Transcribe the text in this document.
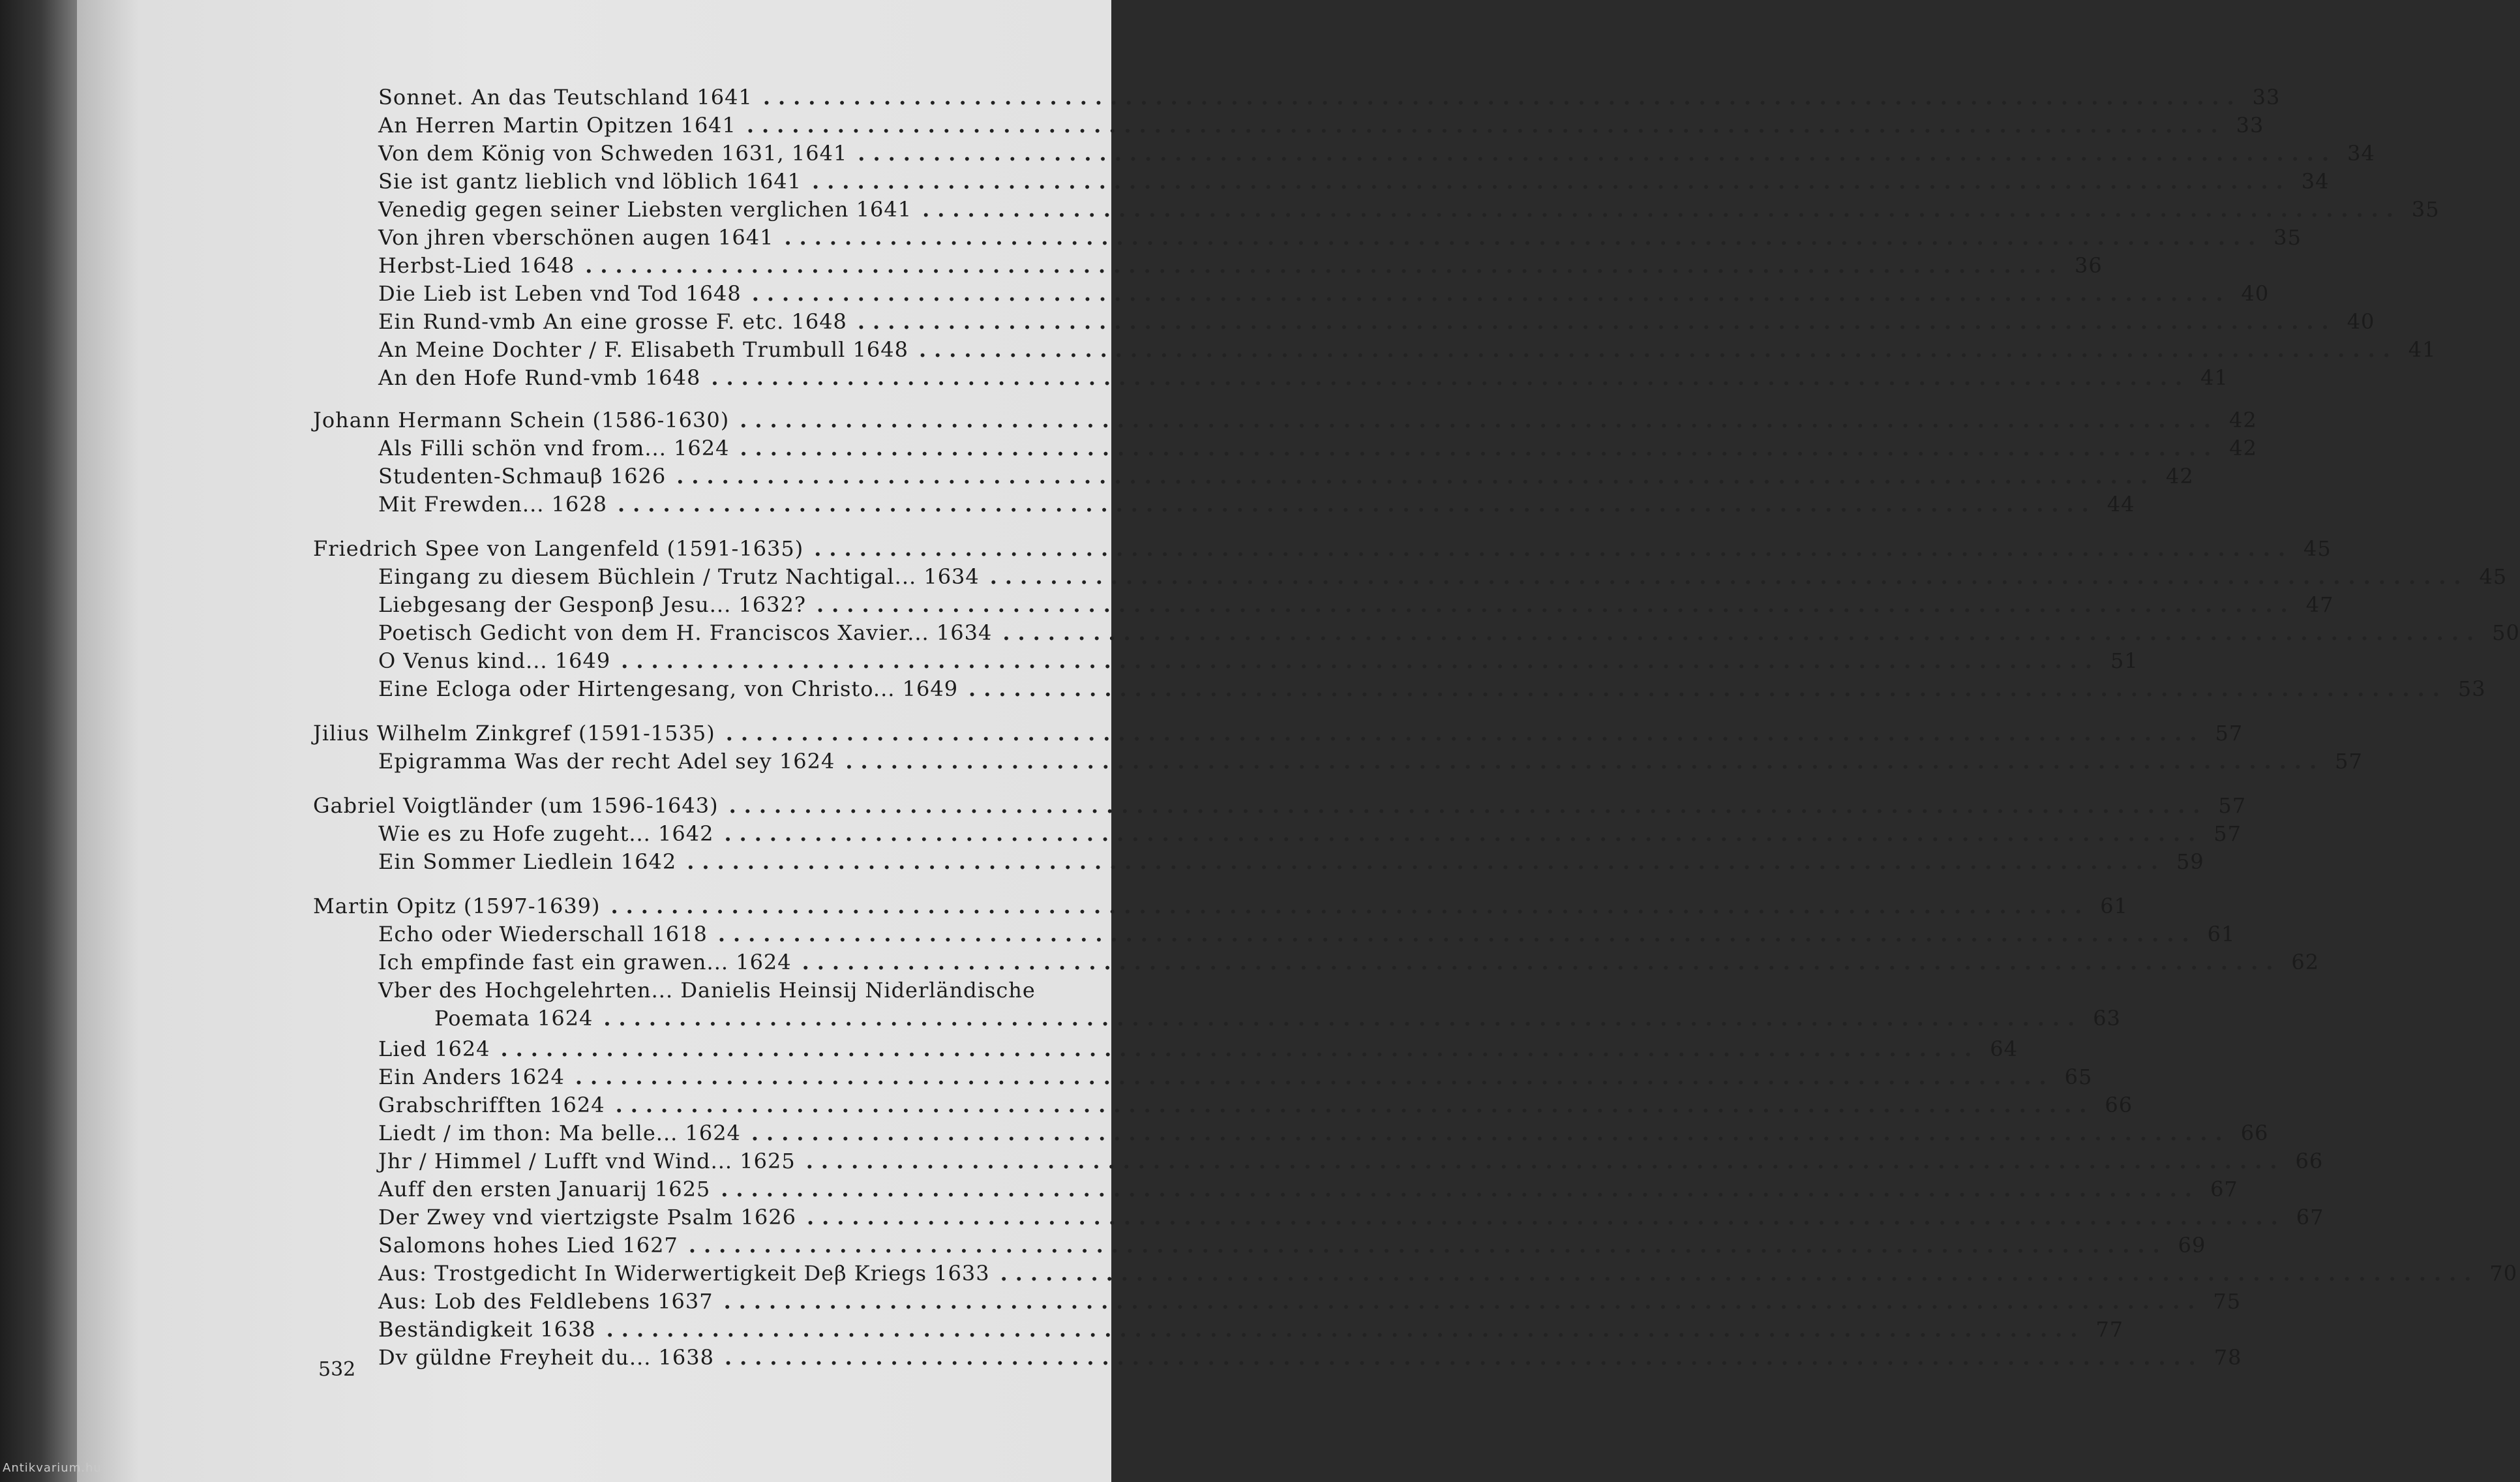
Sonnet. An das Teutschland 1641 .................................................................................................. 33
An Herren Martin Opitzen 1641 .................................................................................................. 33
Von dem König von Schweden 1631, 1641 .................................................................................................. 34
Sie ist gantz lieblich vnd löblich 1641 .................................................................................................. 34
Venedig gegen seiner Liebsten verglichen 1641 .................................................................................................. 35
Von jhren vberschönen augen 1641 .................................................................................................. 35
Herbst-Lied 1648 .................................................................................................. 36
Die Lieb ist Leben vnd Tod 1648 .................................................................................................. 40
Ein Rund-vmb An eine grosse F. etc. 1648 .................................................................................................. 40
An Meine Dochter / F. Elisabeth Trumbull 1648 .................................................................................................. 41
An den Hofe Rund-vmb 1648 .................................................................................................. 41
Johann Hermann Schein (1586-1630) .................................................................................................. 42
Als Filli schön vnd from... 1624 .................................................................................................. 42
Studenten-Schmauβ 1626 .................................................................................................. 42
Mit Frewden... 1628 .................................................................................................. 44
Friedrich Spee von Langenfeld (1591-1635) .................................................................................................. 45
Eingang zu diesem Büchlein / Trutz Nachtigal... 1634 .................................................................................................. 45
Liebgesang der Gesponβ Jesu... 1632? .................................................................................................. 47
Poetisch Gedicht von dem H. Franciscos Xavier... 1634 .................................................................................................. 50
O Venus kind... 1649 .................................................................................................. 51
Eine Ecloga oder Hirtengesang, von Christo... 1649 .................................................................................................. 53
Jilius Wilhelm Zinkgref (1591-1535) .................................................................................................. 57
Epigramma Was der recht Adel sey 1624 .................................................................................................. 57
Gabriel Voigtländer (um 1596-1643) .................................................................................................. 57
Wie es zu Hofe zugeht... 1642 .................................................................................................. 57
Ein Sommer Liedlein 1642 .................................................................................................. 59
Martin Opitz (1597-1639) .................................................................................................. 61
Echo oder Wiederschall 1618 .................................................................................................. 61
Ich empfinde fast ein grawen... 1624 .................................................................................................. 62
Vber des Hochgelehrten... Danielis Heinsij Niderländische
Poemata 1624 .................................................................................................. 63
Lied 1624 .................................................................................................. 64
Ein Anders 1624 .................................................................................................. 65
Grabschrifften 1624 .................................................................................................. 66
Liedt / im thon: Ma belle... 1624 .................................................................................................. 66
Jhr / Himmel / Lufft vnd Wind... 1625 .................................................................................................. 66
Auff den ersten Januarij 1625 .................................................................................................. 67
Der Zwey vnd viertzigste Psalm 1626 .................................................................................................. 67
Salomons hohes Lied 1627 .................................................................................................. 69
Aus: Trostgedicht In Widerwertigkeit Deβ Kriegs 1633 .................................................................................................. 70
Aus: Lob des Feldlebens 1637 .................................................................................................. 75
Beständigkeit 1638 .................................................................................................. 77
Dv güldne Freyheit du... 1638 .................................................................................................. 78
532
Antikvarium.hu
